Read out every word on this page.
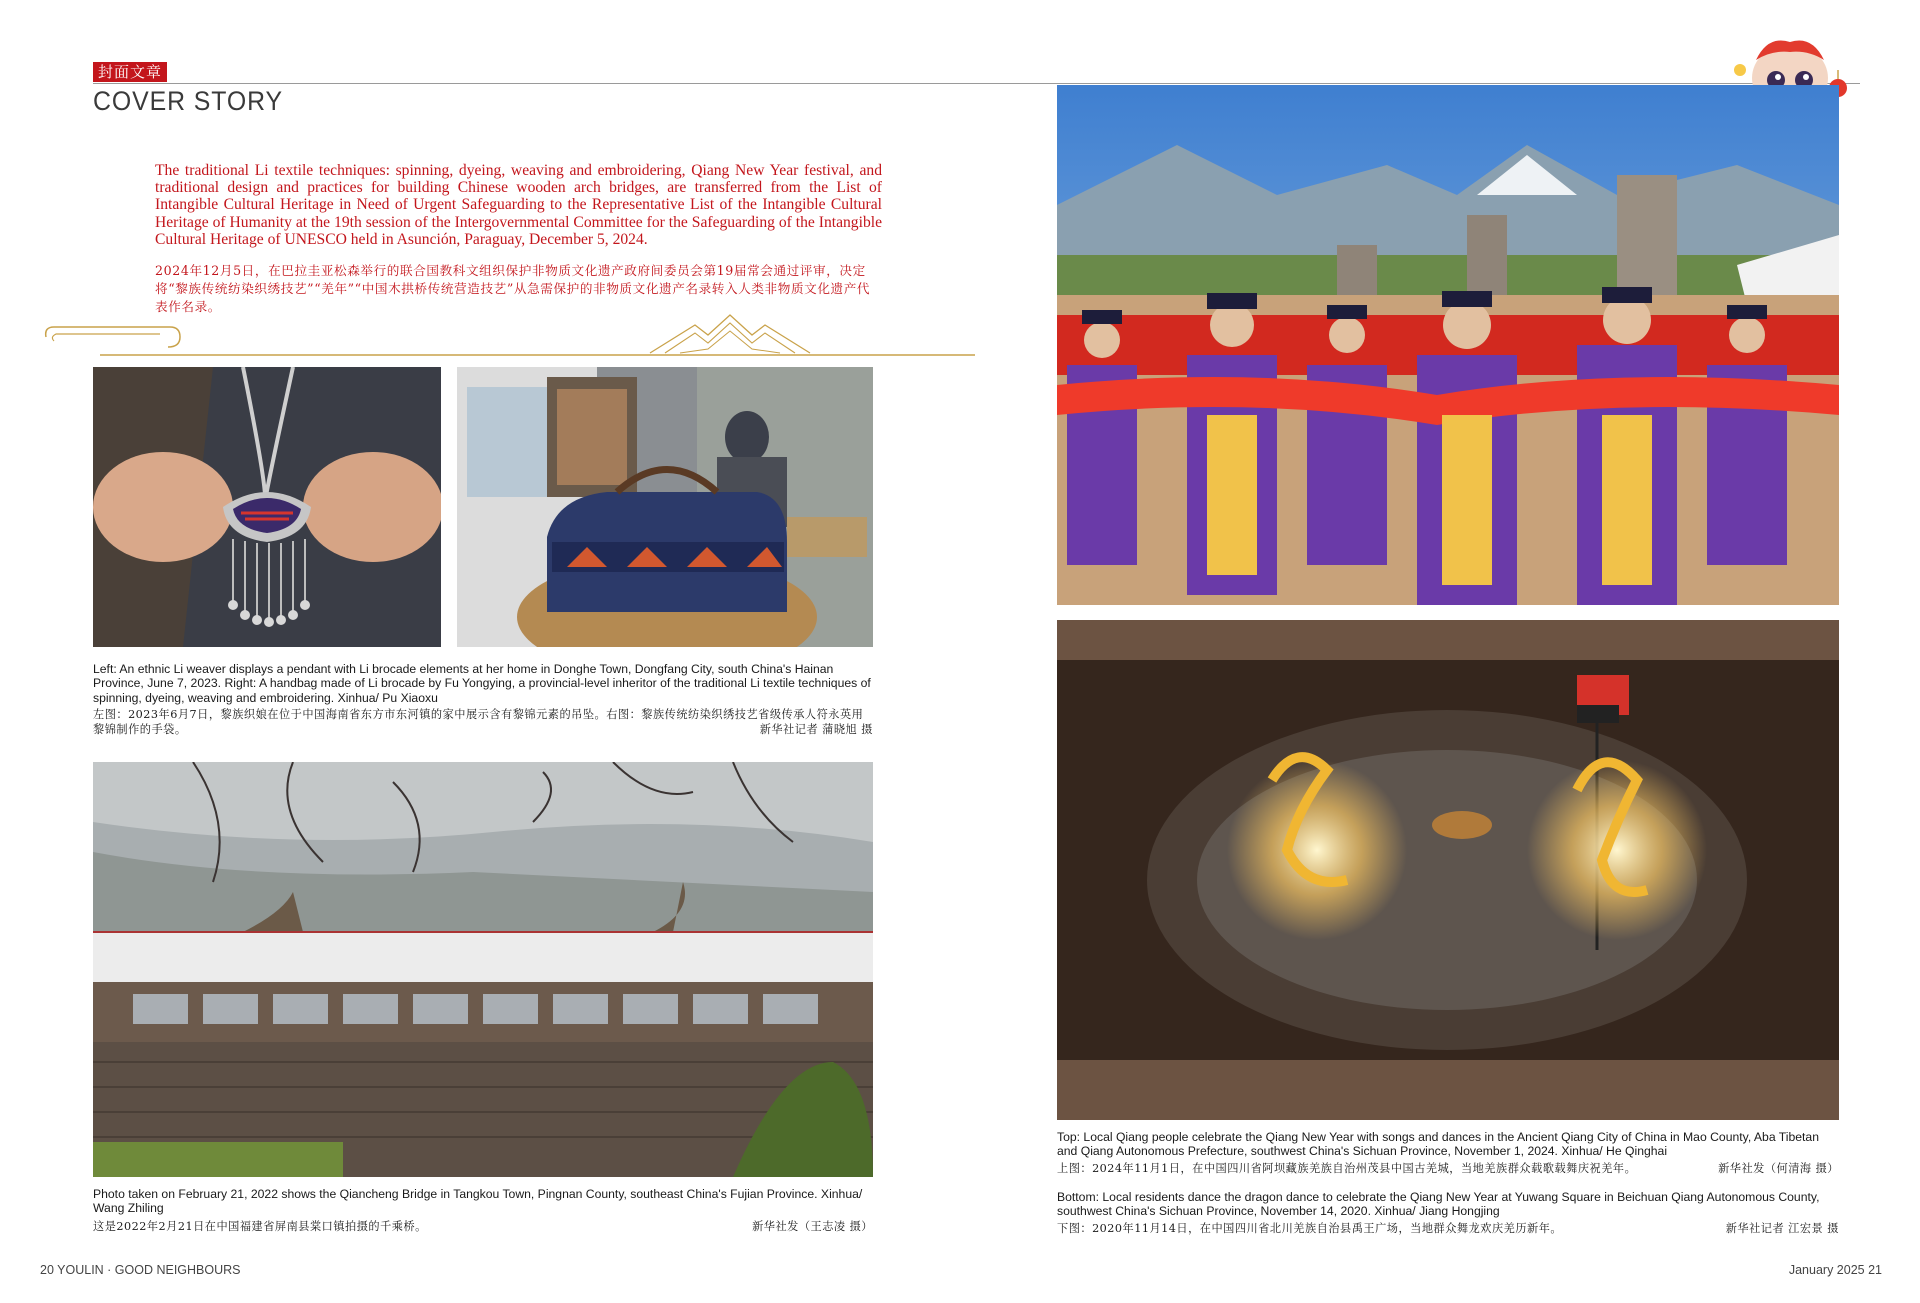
封面文章
COVER STORY
The traditional Li textile techniques: spinning, dyeing, weaving and embroidering, Qiang New Year festival, and traditional design and practices for building Chinese wooden arch bridges, are transferred from the List of Intangible Cultural Heritage in Need of Urgent Safeguarding to the Representative List of the Intangible Cultural Heritage of Humanity at the 19th session of the Intergovernmental Committee for the Safeguarding of the Intangible Cultural Heritage of UNESCO held in Asunción, Paraguay, December 5, 2024.
2024年12月5日，在巴拉圭亚松森举行的联合国教科文组织保护非物质文化遗产政府间委员会第19届常会通过评审，决定将“黎族传统纺染织绣技艺”“羌年”“中国木拱桥传统营造技艺”从急需保护的非物质文化遗产名录转入人类非物质文化遗产代表作名录。
Left: An ethnic Li weaver displays a pendant with Li brocade elements at her home in Donghe Town, Dongfang City, south China's Hainan Province, June 7, 2023. Right: A handbag made of Li brocade by Fu Yongying, a provincial-level inheritor of the traditional Li textile techniques of spinning, dyeing, weaving and embroidering. Xinhua/ Pu Xiaoxu
左图：2023年6月7日，黎族织娘在位于中国海南省东方市东河镇的家中展示含有黎锦元素的吊坠。右图：黎族传统纺染织绣技艺省级传承人符永英用黎锦制作的手袋。	新华社记者 蒲晓旭 摄
Photo taken on February 21, 2022 shows the Qiancheng Bridge in Tangkou Town, Pingnan County, southeast China's Fujian Province. Xinhua/ Wang Zhiling
这是2022年2月21日在中国福建省屏南县棠口镇拍摄的千乘桥。	新华社发（王志凌 摄）
Top: Local Qiang people celebrate the Qiang New Year with songs and dances in the Ancient Qiang City of China in Mao County, Aba Tibetan and Qiang Autonomous Prefecture, southwest China's Sichuan Province, November 1, 2024. Xinhua/ He Qinghai
上图：2024年11月1日，在中国四川省阿坝藏族羌族自治州茂县中国古羌城，当地羌族群众载歌载舞庆祝羌年。	新华社发（何清海 摄）
Bottom: Local residents dance the dragon dance to celebrate the Qiang New Year at Yuwang Square in Beichuan Qiang Autonomous County, southwest China's Sichuan Province, November 14, 2020. Xinhua/ Jiang Hongjing
下图：2020年11月14日，在中国四川省北川羌族自治县禹王广场，当地群众舞龙欢庆羌历新年。	新华社记者 江宏景 摄
20 YOULIN · GOOD NEIGHBOURS	January 2025 21
